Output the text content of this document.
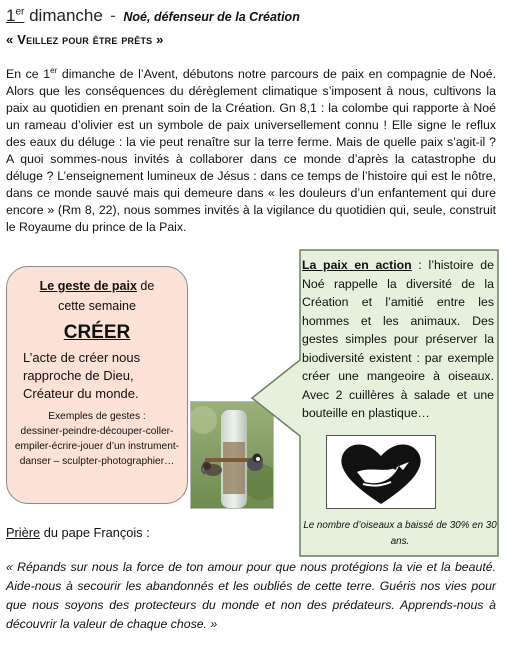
1er dimanche - Noé, défenseur de la Création
« Veillez pour être prêts »

En ce 1er dimanche de l’Avent, débutons notre parcours de paix en compagnie de Noé. Alors que les conséquences du dérèglement climatique s’imposent à nous, cultivons la paix au quotidien en prenant soin de la Création. Gn 8,1 : la colombe qui rapporte à Noé un rameau d’olivier est un symbole de paix universellement connu ! Elle signe le reflux des eaux du déluge : la vie peut renaître sur la terre ferme. Mais de quelle paix s’agit-il ? A quoi sommes-nous invités à collaborer dans ce monde d’après la catastrophe du déluge ? L’enseignement lumineux de Jésus : dans ce temps de l’histoire qui est le nôtre, dans ce monde sauvé mais qui demeure dans « les douleurs d’un enfantement qui dure encore » (Rm 8, 22), nous sommes invités à la vigilance du quotidien qui, seule, construit le Royaume du prince de la Paix.

Le geste de paix de
cette semaine
CRÉER
L’acte de créer nous rapproche de Dieu, Créateur du monde.
Exemples de gestes :
dessiner-peindre-découper-coller-empiler-écrire-jouer d’un instrument-danser – sculpter-photographier…
La paix en action : l’histoire de Noé rappelle la diversité de la Création et l’amitié entre les hommes et les animaux. Des gestes simples pour préserver la biodiversité existent : par exemple créer une mangeoire à oiseaux. Avec 2 cuillères à salade et une bouteille en plastique…
Le nombre d’oiseaux a baissé de 30% en 30 ans.
Prière du pape François :

« Répands sur nous la force de ton amour pour que nous protégions la vie et la beauté. Aide-nous à secourir les abandonnés et les oubliés de cette terre. Guéris nos vies pour que nous soyons des protecteurs du monde et non des prédateurs. Apprends-nous à découvrir la valeur de chaque chose. »
